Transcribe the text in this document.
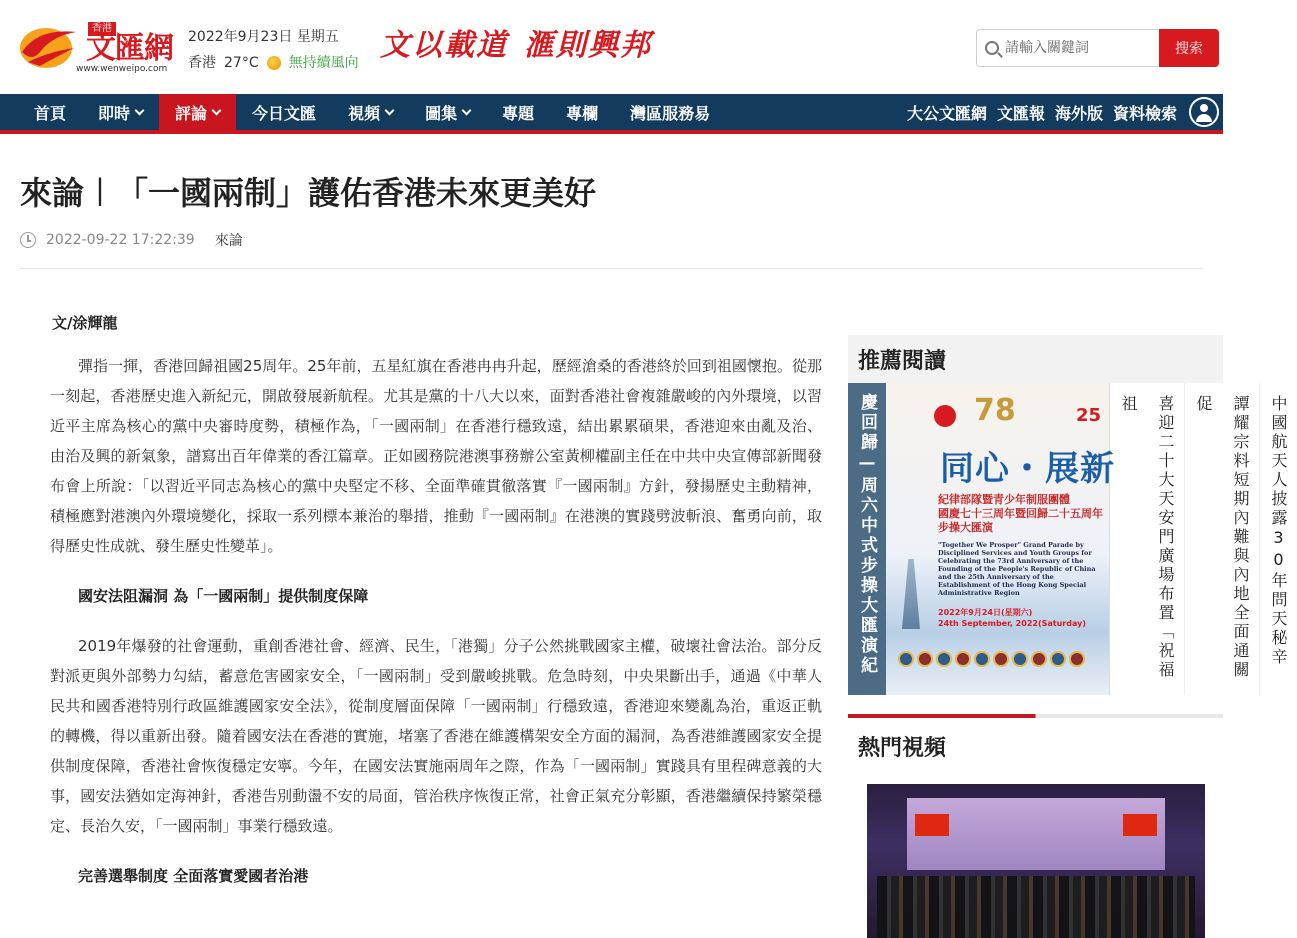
香港
文匯網
www.wenweipo.com
2022年9月23日 星期五
香港 27°C 無持續風向 文以載道 滙則興邦
請輸入關鍵詞	搜索
首頁 即時	評論	今日文匯 視頻	圖集	專題 專欄 灣區服務易	大公文匯網 文匯報 海外版 資料檢索
來論︱「一國兩制」護佑香港未來更美好
2022-09-22 17:22:39 來論
文/涂輝龍

彈指一揮，香港回歸祖國25周年。25年前，五星紅旗在香港冉冉升起，歷經滄桑的香港終於回到祖國懷抱。從那一刻起，香港歷史進入新紀元，開啟發展新航程。尤其是黨的十八大以來，面對香港社會複雜嚴峻的內外環境，以習近平主席為核心的黨中央審時度勢，積極作為，「一國兩制」在香港行穩致遠，結出累累碩果，香港迎來由亂及治、由治及興的新氣象，譜寫出百年偉業的香江篇章。正如國務院港澳事務辦公室黃柳權副主任在中共中央宣傳部新聞發布會上所說：「以習近平同志為核心的黨中央堅定不移、全面準確貫徹落實『一國兩制』方針，發揚歷史主動精神，積極應對港澳內外環境變化，採取一系列標本兼治的舉措，推動『一國兩制』在港澳的實踐劈波斬浪、奮勇向前，取得歷史性成就、發生歷史性變革」。

國安法阻漏洞 為「一國兩制」提供制度保障

2019年爆發的社會運動，重創香港社會、經濟、民生，「港獨」分子公然挑戰國家主權，破壞社會法治。部分反對派更與外部勢力勾結，蓄意危害國家安全，「一國兩制」受到嚴峻挑戰。危急時刻，中央果斷出手，通過《中華人民共和國香港特別行政區維護國家安全法》，從制度層面保障「一國兩制」行穩致遠，香港迎來變亂為治，重返正軌的轉機，得以重新出發。隨着國安法在香港的實施，堵塞了香港在維護構架安全方面的漏洞，為香港維護國家安全提供制度保障，香港社會恢復穩定安寧。今年，在國安法實施兩周年之際，作為「一國兩制」實踐具有里程碑意義的大事，國安法猶如定海神針，香港告別動盪不安的局面，管治秩序恢復正常，社會正氣充分彰顯，香港繼續保持繁榮穩定、長治久安，「一國兩制」事業行穩致遠。

完善選舉制度 全面落實愛國者治港
推薦閱讀
慶回歸—周六中式步操大匯演紀律部	78	25
同心・展新
紀律部隊暨青少年制服團體
國慶七十三周年暨回歸二十五周年
步操大匯演
"Together We Prosper" Grand Parade by Disciplined Services and Youth Groups for Celebrating the 73rd Anniversary of the Founding of the People's Republic of China and the 25th Anniversary of the Establishment of the Hong Kong Special Administrative Region
2022年9月24日(星期六)
24th September, 2022(Saturday)	喜迎二十大天安門廣場布置「祝福祖	譚耀宗料短期內難與內地全面通關促	中國航天人披露30年問天秘辛
熱門視頻
